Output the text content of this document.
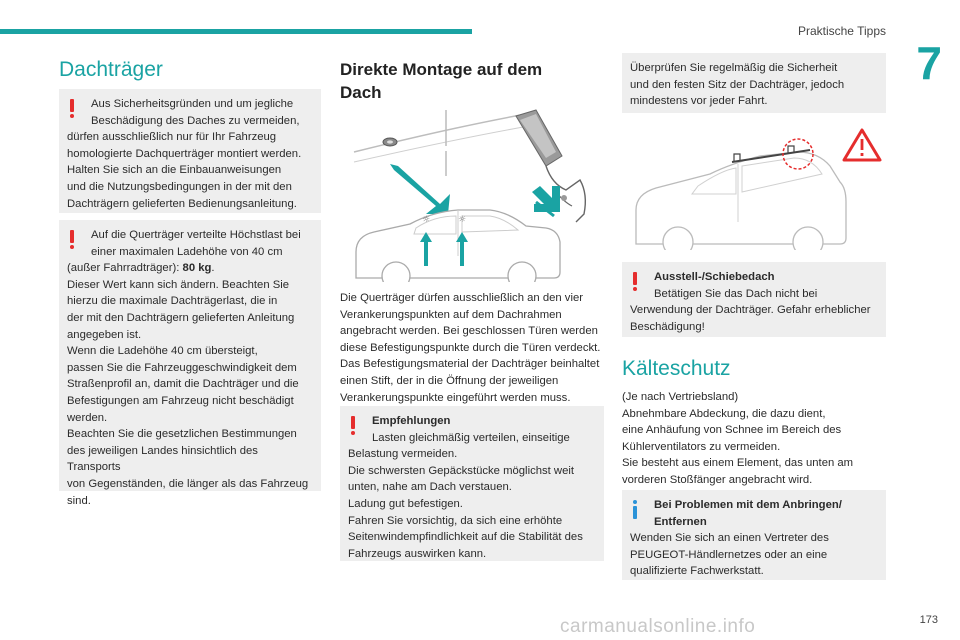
Praktische Tipps
7
Dachträger
Aus Sicherheitsgründen und um jegliche
Beschädigung des Daches zu vermeiden,
dürfen ausschließlich nur für Ihr Fahrzeug
homologierte Dachquerträger montiert werden.
Halten Sie sich an die Einbauanweisungen
und die Nutzungsbedingungen in der mit den
Dachträgern gelieferten Bedienungsanleitung.
Auf die Querträger verteilte Höchstlast bei
einer maximalen Ladehöhe von 40 cm
(außer Fahrradträger): 80 kg.
Dieser Wert kann sich ändern. Beachten Sie
hierzu die maximale Dachträgerlast, die in
der mit den Dachträgern gelieferten Anleitung
angegeben ist.
Wenn die Ladehöhe 40 cm übersteigt,
passen Sie die Fahrzeuggeschwindigkeit dem
Straßenprofil an, damit die Dachträger und die
Befestigungen am Fahrzeug nicht beschädigt
werden.
Beachten Sie die gesetzlichen Bestimmungen
des jeweiligen Landes hinsichtlich des Transports
von Gegenständen, die länger als das Fahrzeug
sind.
Direkte Montage auf dem
Dach
☼	☼
Die Querträger dürfen ausschließlich an den vier
Verankerungspunkten auf dem Dachrahmen
angebracht werden. Bei geschlossen Türen werden
diese Befestigungspunkte durch die Türen verdeckt.
Das Befestigungsmaterial der Dachträger beinhaltet
einen Stift, der in die Öffnung der jeweiligen
Verankerungspunkte eingeführt werden muss.
Empfehlungen
Lasten gleichmäßig verteilen, einseitige
Belastung vermeiden.
Die schwersten Gepäckstücke möglichst weit
unten, nahe am Dach verstauen.
Ladung gut befestigen.
Fahren Sie vorsichtig, da sich eine erhöhte
Seitenwindempfindlichkeit auf die Stabilität des
Fahrzeugs auswirken kann.
Überprüfen Sie regelmäßig die Sicherheit
und den festen Sitz der Dachträger, jedoch
mindestens vor jeder Fahrt.
Ausstell-/Schiebedach
Betätigen Sie das Dach nicht bei
Verwendung der Dachträger. Gefahr erheblicher
Beschädigung!
Kälteschutz
(Je nach Vertriebsland)
Abnehmbare Abdeckung, die dazu dient,
eine Anhäufung von Schnee im Bereich des
Kühlerventilators zu vermeiden.
Sie besteht aus einem Element, das unten am
vorderen Stoßfänger angebracht wird.
Bei Problemen mit dem Anbringen/
Entfernen
Wenden Sie sich an einen Vertreter des
PEUGEOT-Händlernetzes oder an eine
qualifizierte Fachwerkstatt.
carmanualsonline.info	173
